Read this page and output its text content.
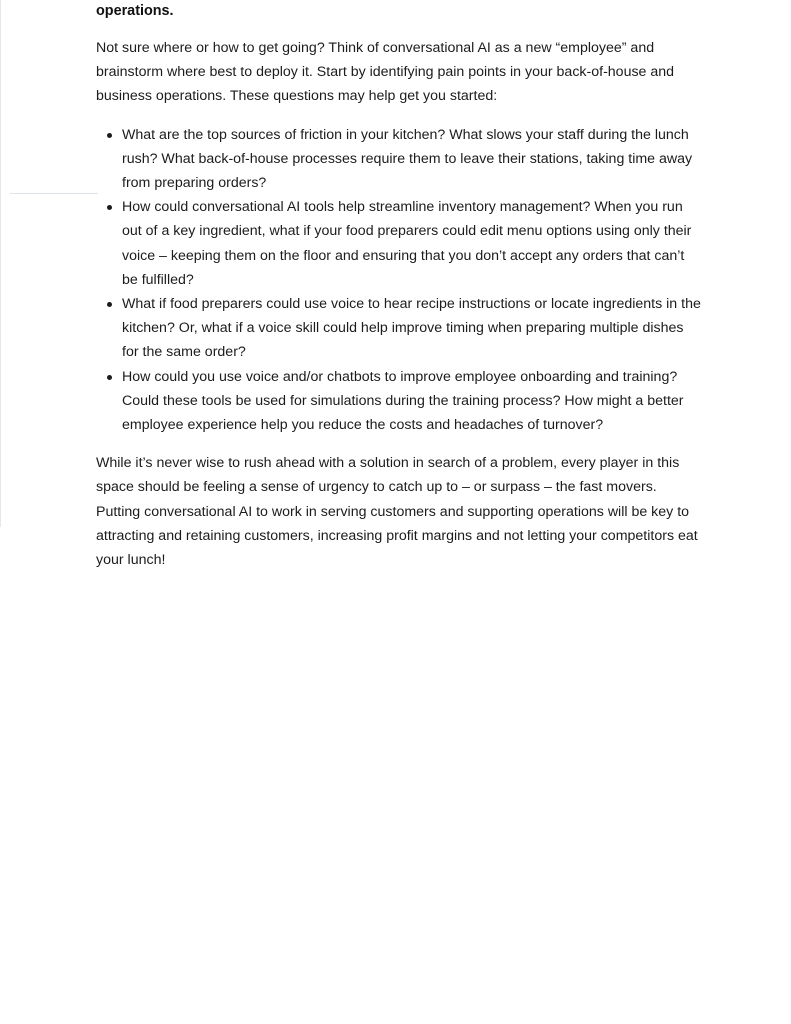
operations.

Not sure where or how to get going? Think of conversational AI as a new “employee” and brainstorm where best to deploy it. Start by identifying pain points in your back-of-house and business operations. These questions may help get you started:

What are the top sources of friction in your kitchen? What slows your staff during the lunch rush? What back-of-house processes require them to leave their stations, taking time away from preparing orders?
How could conversational AI tools help streamline inventory management? When you run out of a key ingredient, what if your food preparers could edit menu options using only their voice – keeping them on the floor and ensuring that you don’t accept any orders that can’t be fulfilled?
What if food preparers could use voice to hear recipe instructions or locate ingredients in the kitchen? Or, what if a voice skill could help improve timing when preparing multiple dishes for the same order?
How could you use voice and/or chatbots to improve employee onboarding and training? Could these tools be used for simulations during the training process? How might a better employee experience help you reduce the costs and headaches of turnover?

While it’s never wise to rush ahead with a solution in search of a problem, every player in this space should be feeling a sense of urgency to catch up to – or surpass – the fast movers. Putting conversational AI to work in serving customers and supporting operations will be key to attracting and retaining customers, increasing profit margins and not letting your competitors eat your lunch!
